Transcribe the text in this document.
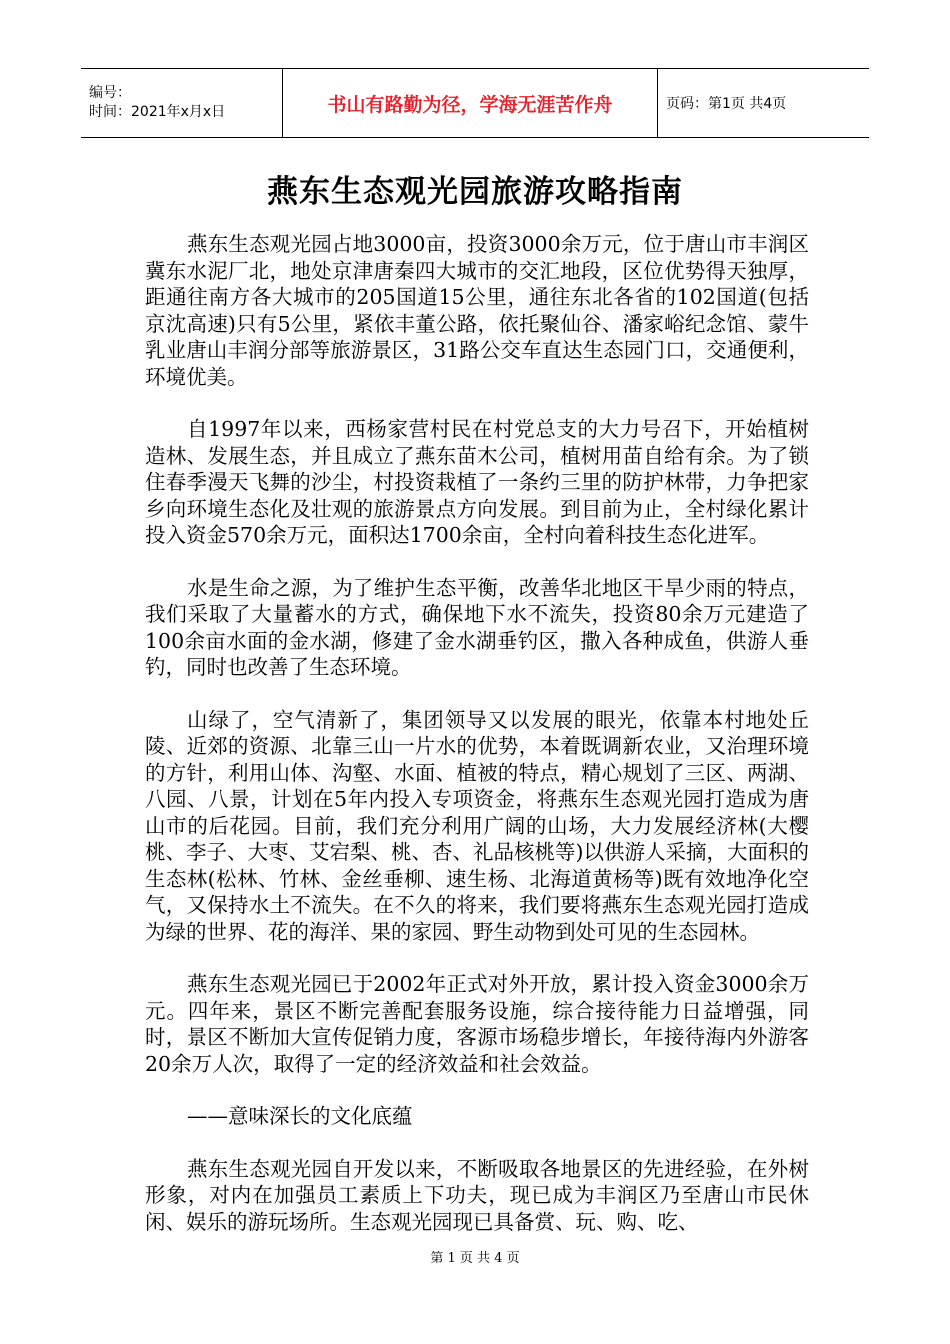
编号：
时间：2021年x月x日	书山有路勤为径，学海无涯苦作舟	页码：第1页 共4页
燕东生态观光园旅游攻略指南

燕东生态观光园占地3000亩，投资3000余万元，位于唐山市丰润区冀东水泥厂北，地处京津唐秦四大城市的交汇地段，区位优势得天独厚，距通往南方各大城市的205国道15公里，通往东北各省的102国道(包括京沈高速)只有5公里，紧依丰董公路，依托聚仙谷、潘家峪纪念馆、蒙牛乳业唐山丰润分部等旅游景区，31路公交车直达生态园门口，交通便利，环境优美。

自1997年以来，西杨家营村民在村党总支的大力号召下，开始植树造林、发展生态，并且成立了燕东苗木公司，植树用苗自给有余。为了锁住春季漫天飞舞的沙尘，村投资栽植了一条约三里的防护林带，力争把家乡向环境生态化及壮观的旅游景点方向发展。到目前为止，全村绿化累计投入资金570余万元，面积达1700余亩，全村向着科技生态化进军。

水是生命之源，为了维护生态平衡，改善华北地区干旱少雨的特点，我们采取了大量蓄水的方式，确保地下水不流失，投资80余万元建造了100余亩水面的金水湖，修建了金水湖垂钓区，撒入各种成鱼，供游人垂钓，同时也改善了生态环境。

山绿了，空气清新了，集团领导又以发展的眼光，依靠本村地处丘陵、近郊的资源、北靠三山一片水的优势，本着既调新农业，又治理环境的方针，利用山体、沟壑、水面、植被的特点，精心规划了三区、两湖、八园、八景，计划在5年内投入专项资金，将燕东生态观光园打造成为唐山市的后花园。目前，我们充分利用广阔的山场，大力发展经济林(大樱桃、李子、大枣、艾宕梨、桃、杏、礼品核桃等)以供游人采摘，大面积的生态林(松林、竹林、金丝垂柳、速生杨、北海道黄杨等)既有效地净化空气，又保持水土不流失。在不久的将来，我们要将燕东生态观光园打造成为绿的世界、花的海洋、果的家园、野生动物到处可见的生态园林。

燕东生态观光园已于2002年正式对外开放，累计投入资金3000余万元。四年来，景区不断完善配套服务设施，综合接待能力日益增强，同时，景区不断加大宣传促销力度，客源市场稳步增长，年接待海内外游客20余万人次，取得了一定的经济效益和社会效益。

——意味深长的文化底蕴

燕东生态观光园自开发以来，不断吸取各地景区的先进经验，在外树形象，对内在加强员工素质上下功夫，现已成为丰润区乃至唐山市民休闲、娱乐的游玩场所。生态观光园现已具备赏、玩、购、吃、

第 1 页 共 4 页
